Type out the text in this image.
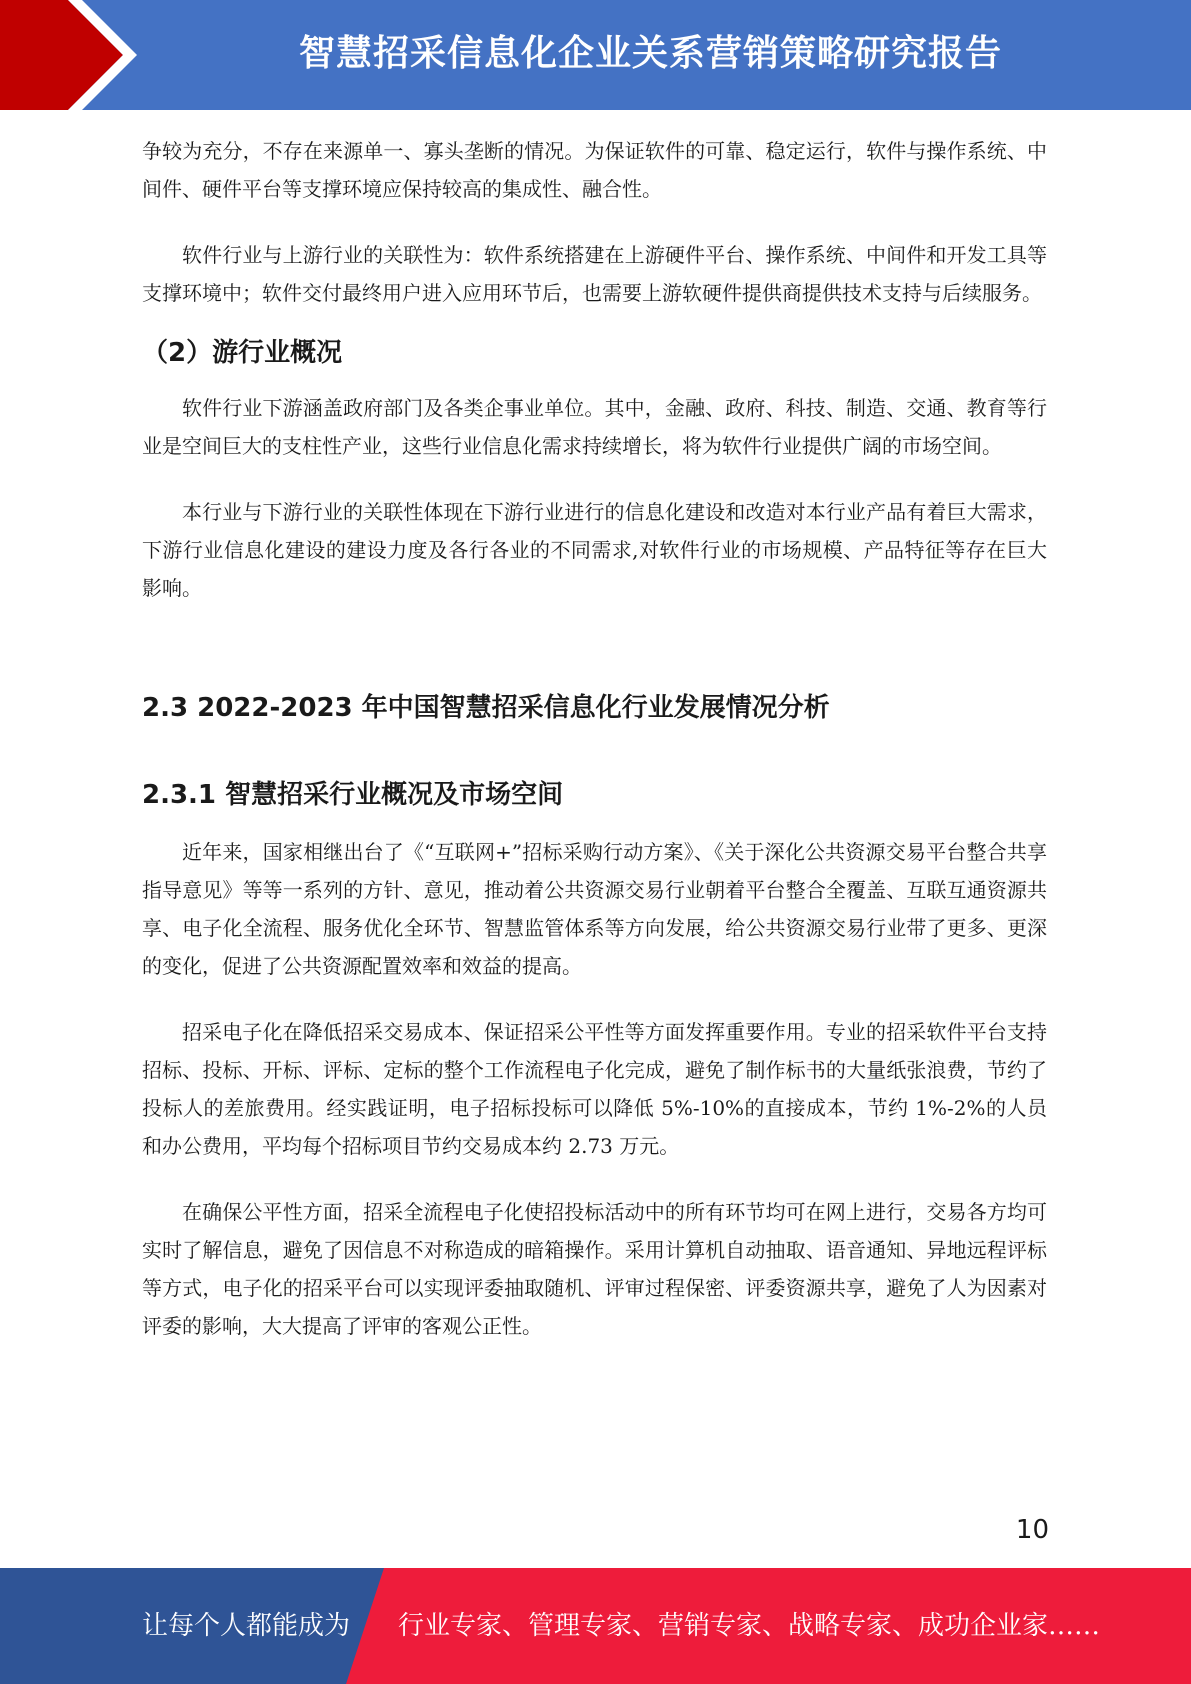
智慧招采信息化企业关系营销策略研究报告

争较为充分，不存在来源单一、寡头垄断的情况。为保证软件的可靠、稳定运行，软件与操作系统、中间件、硬件平台等支撑环境应保持较高的集成性、融合性。

软件行业与上游行业的关联性为：软件系统搭建在上游硬件平台、操作系统、中间件和开发工具等支撑环境中；软件交付最终用户进入应用环节后，也需要上游软硬件提供商提供技术支持与后续服务。

（2）游行业概况

软件行业下游涵盖政府部门及各类企事业单位。其中，金融、政府、科技、制造、交通、教育等行业是空间巨大的支柱性产业，这些行业信息化需求持续增长，将为软件行业提供广阔的市场空间。

本行业与下游行业的关联性体现在下游行业进行的信息化建设和改造对本行业产品有着巨大需求，下游行业信息化建设的建设力度及各行各业的不同需求,对软件行业的市场规模、产品特征等存在巨大影响。

2.3 2022-2023 年中国智慧招采信息化行业发展情况分析
2.3.1 智慧招采行业概况及市场空间

近年来，国家相继出台了《“互联网+”招标采购行动方案》、《关于深化公共资源交易平台整合共享指导意见》等等一系列的方针、意见，推动着公共资源交易行业朝着平台整合全覆盖、互联互通资源共享、电子化全流程、服务优化全环节、智慧监管体系等方向发展，给公共资源交易行业带了更多、更深的变化，促进了公共资源配置效率和效益的提高。

招采电子化在降低招采交易成本、保证招采公平性等方面发挥重要作用。专业的招采软件平台支持招标、投标、开标、评标、定标的整个工作流程电子化完成，避免了制作标书的大量纸张浪费，节约了投标人的差旅费用。经实践证明，电子招标投标可以降低 5%-10%的直接成本，节约 1%-2%的人员和办公费用，平均每个招标项目节约交易成本约 2.73 万元。

在确保公平性方面，招采全流程电子化使招投标活动中的所有环节均可在网上进行，交易各方均可实时了解信息，避免了因信息不对称造成的暗箱操作。采用计算机自动抽取、语音通知、异地远程评标等方式，电子化的招采平台可以实现评委抽取随机、评审过程保密、评委资源共享，避免了人为因素对评委的影响，大大提高了评审的客观公正性。

10
让每个人都能成为 行业专家、管理专家、营销专家、战略专家、成功企业家……
